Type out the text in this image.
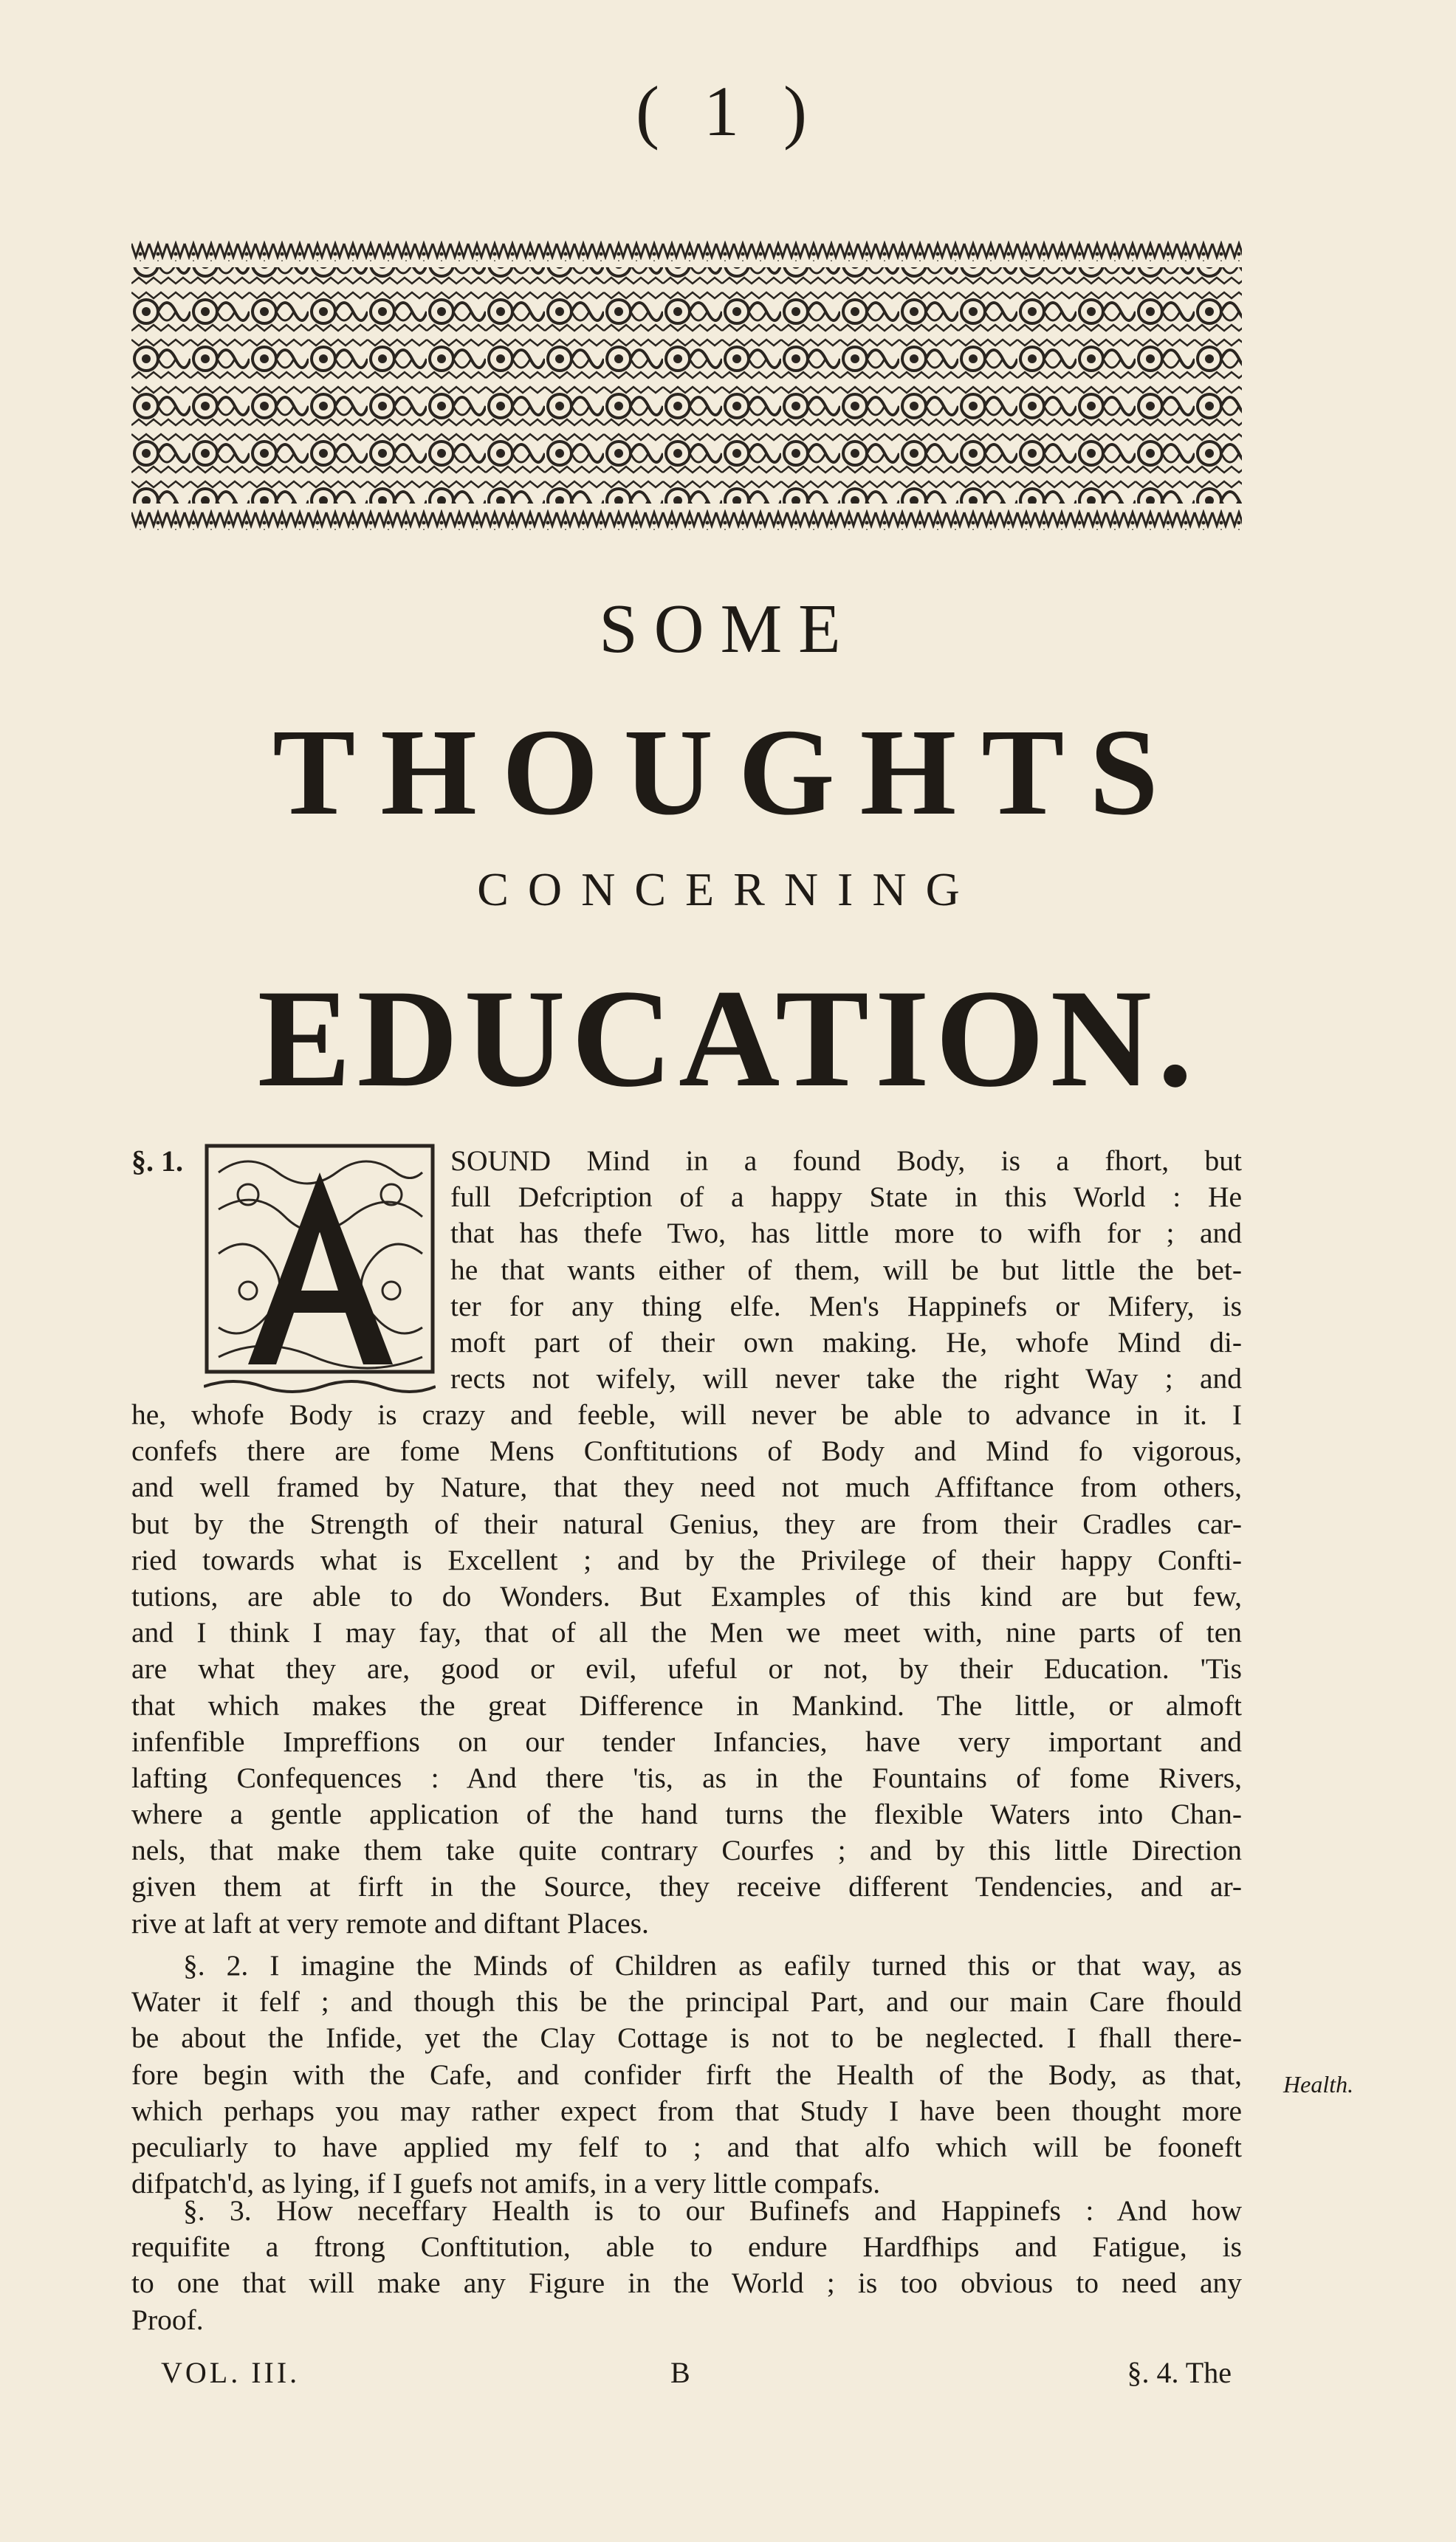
( 1 )
SOME
THOUGHTS
CONCERNING
EDUCATION.
§. 1.
A
SOUND Mind in a found Body, is a fhort, but
full Defcription of a happy State in this World : He
that has thefe Two, has little more to wifh for ; and
he that wants either of them, will be but little the bet-
ter for any thing elfe. Men's Happinefs or Mifery, is
moft part of their own making. He, whofe Mind di-
rects not wifely, will never take the right Way ; and
he, whofe Body is crazy and feeble, will never be able to advance in it. I
confefs there are fome Mens Conftitutions of Body and Mind fo vigorous,
and well framed by Nature, that they need not much Affiftance from others,
but by the Strength of their natural Genius, they are from their Cradles car-
ried towards what is Excellent ; and by the Privilege of their happy Confti-
tutions, are able to do Wonders. But Examples of this kind are but few,
and I think I may fay, that of all the Men we meet with, nine parts of ten
are what they are, good or evil, ufeful or not, by their Education. 'Tis
that which makes the great Difference in Mankind. The little, or almoft
infenfible Impreffions on our tender Infancies, have very important and
lafting Confequences : And there 'tis, as in the Fountains of fome Rivers,
where a gentle application of the hand turns the flexible Waters into Chan-
nels, that make them take quite contrary Courfes ; and by this little Direction
given them at firft in the Source, they receive different Tendencies, and ar-
rive at laft at very remote and diftant Places.
§. 2. I imagine the Minds of Children as eafily turned this or that way, as
Water it felf ; and though this be the principal Part, and our main Care fhould
be about the Infide, yet the Clay Cottage is not to be neglected. I fhall there-
fore begin with the Cafe, and confider firft the Health of the Body, as that,
which perhaps you may rather expect from that Study I have been thought more
peculiarly to have applied my felf to ; and that alfo which will be fooneft
difpatch'd, as lying, if I guefs not amifs, in a very little compafs.
Health.
§. 3. How neceffary Health is to our Bufinefs and Happinefs : And how
requifite a ftrong Conftitution, able to endure Hardfhips and Fatigue, is
to one that will make any Figure in the World ; is too obvious to need any
Proof.
VOL. III.	B	§. 4. The
